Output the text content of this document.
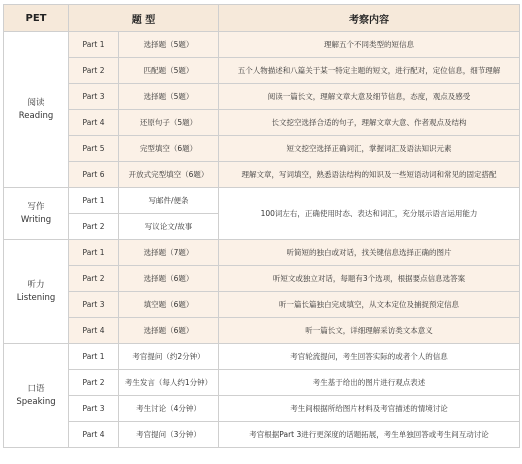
PET	题 型		考察内容

阅读
Reading	Part 1	选择题（5题）	理解五个不同类型的短信息
	Part 2	匹配题（5题）	五个人物描述和八篇关于某一特定主题的短文，进行配对，定位信息，细节理解
	Part 3	选择题（5题）	阅读一篇长文，理解文章大意及细节信息，态度，观点及感受
	Part 4	还原句子（5题）	长文挖空选择合适的句子，理解文章大意、作者观点及结构
	Part 5	完型填空（6题）	短文挖空选择正确词汇，掌握词汇及语法知识元素
	Part 6	开放式完型填空（6题）	理解文章，写词填空，熟悉语法结构的知识及一些短语动词和常见的固定搭配

写作
Writing	Part 1	写邮件/便条	100词左右，正确使用时态、表达和词汇，充分展示语言运用能力
	Part 2	写议论文/故事	

听力
Listening	Part 1	选择题（7题）	听简短的独白或对话，找关键信息选择正确的图片
	Part 2	选择题（6题）	听短文或独立对话，每题有3个选项，根据要点信息选答案
	Part 3	填空题（6题）	听一篇长篇独白完成填空，从文本定位及捕捉预定信息
	Part 4	选择题（6题）	听一篇长文，详细理解采访类文本意义

口语
Speaking	Part 1	考官提问（约2分钟）	考官轮流提问，考生回答实际的或者个人的信息
	Part 2	考生发言（每人约1分钟）	考生基于给出的图片进行观点表述
	Part 3	考生讨论（4分钟）	考生间根据所给图片材料及考官描述的情境讨论
	Part 4	考官提问（3分钟）	考官根据Part 3进行更深度的话题拓展，考生单独回答或考生间互动讨论
